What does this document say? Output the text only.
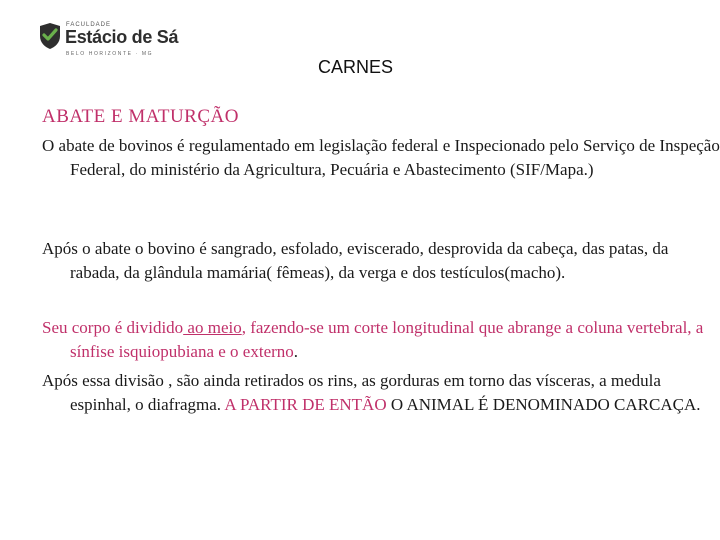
FACULDADE
Estácio de Sá
BELO HORIZONTE · MG
CARNES
ABATE E MATURÇÃO

O abate de bovinos é regulamentado em legislação federal e Inspecionado pelo Serviço de Inspeção Federal, do ministério da Agricultura, Pecuária e Abastecimento (SIF/Mapa.)

Após o abate o bovino é sangrado, esfolado, eviscerado, desprovida da cabeça, das patas, da rabada, da glândula mamária( fêmeas), da verga e dos testículos(macho).

Seu corpo é dividido ao meio, fazendo-se um corte longitudinal que abrange a coluna vertebral, a sínfise isquiopubiana e o externo.

Após essa divisão , são ainda retirados os rins, as gorduras em torno das vísceras, a medula espinhal, o diafragma. A PARTIR DE ENTÃO O ANIMAL É DENOMINADO CARCAÇA.
